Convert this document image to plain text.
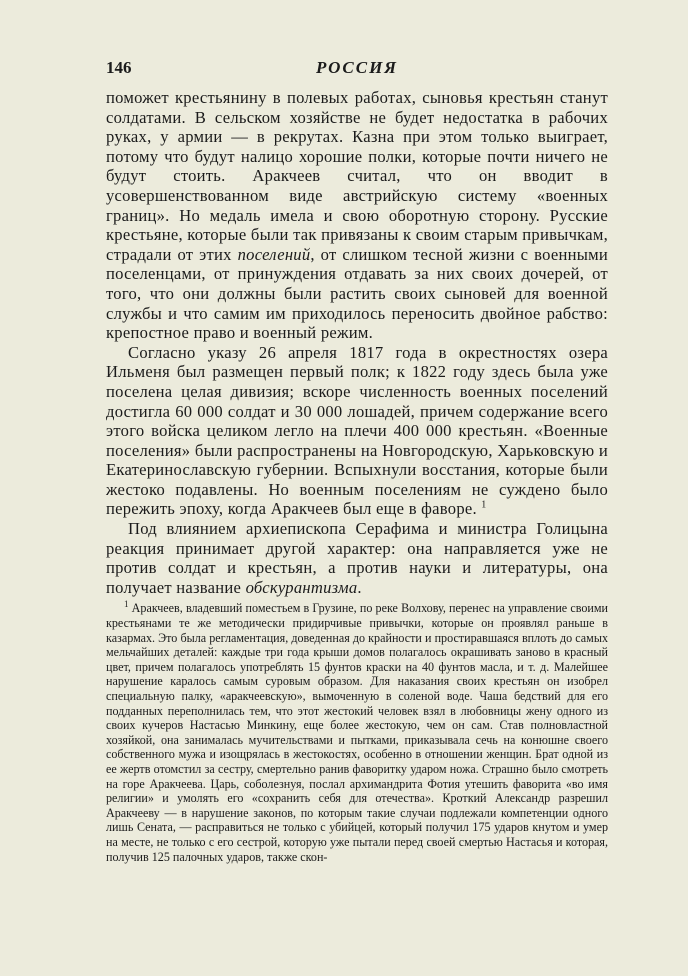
146	РОССИЯ

поможет крестьянину в полевых работах, сыновья крестьян станут солдатами. В сельском хозяйстве не будет недостатка в рабочих руках, у армии — в рекрутах. Казна при этом только выиграет, потому что будут налицо хорошие полки, которые почти ничего не будут стоить. Аракчеев считал, что он вводит в усовершенствованном виде австрийскую систему «военных границ». Но медаль имела и свою оборотную сторону. Русские крестьяне, которые были так привязаны к своим старым привычкам, страдали от этих поселений, от слишком тесной жизни с военными поселенцами, от принуждения отдавать за них своих дочерей, от того, что они должны были растить своих сыновей для военной службы и что самим им приходилось переносить двойное рабство: крепостное право и военный режим.

Согласно указу 26 апреля 1817 года в окрестностях озера Ильменя был размещен первый полк; к 1822 году здесь была уже поселена целая дивизия; вскоре численность военных поселений достигла 60 000 солдат и 30 000 лошадей, причем содержание всего этого войска целиком легло на плечи 400 000 крестьян. «Военные поселения» были распространены на Новгородскую, Харьковскую и Екатеринославскую губернии. Вспыхнули восстания, которые были жестоко подавлены. Но военным поселениям не суждено было пережить эпоху, когда Аракчеев был еще в фаворе. $^1$

Под влиянием архиепископа Серафима и министра Голицына реакция принимает другой характер: она направляется уже не против солдат и крестьян, а против науки и литературы, она получает название обскурантизма.

$^1$ Аракчеев, владевший поместьем в Грузине, по реке Волхову, перенес на управление своими крестьянами те же методически придирчивые привычки, которые он проявлял раньше в казармах. Это была регламентация, доведенная до крайности и простиравшаяся вплоть до самых мельчайших деталей: каждые три года крыши домов полагалось окрашивать заново в красный цвет, причем полагалось употреблять 15 фунтов краски на 40 фунтов масла, и т. д. Малейшее нарушение каралось самым суровым образом. Для наказания своих крестьян он изобрел специальную палку, «аракчеевскую», вымоченную в соленой воде. Чаша бедствий для его подданных переполнилась тем, что этот жестокий человек взял в любовницы жену одного из своих кучеров Настасью Минкину, еще более жестокую, чем он сам. Став полновластной хозяйкой, она занималась мучительствами и пытками, приказывала сечь на конюшне своего собственного мужа и изощрялась в жестокостях, особенно в отношении женщин. Брат одной из ее жертв отомстил за сестру, смертельно ранив фаворитку ударом ножа. Страшно было смотреть на горе Аракчеева. Царь, соболезнуя, послал архимандрита Фотия утешить фаворита «во имя религии» и умолять его «сохранить себя для отечества». Кроткий Александр разрешил Аракчееву — в нарушение законов, по которым такие случаи подлежали компетенции одного лишь Сената, — расправиться не только с убийцей, который получил 175 ударов кнутом и умер на месте, не только с его сестрой, которую уже пытали перед своей смертью Настасья и которая, получив 125 палочных ударов, также скон-
